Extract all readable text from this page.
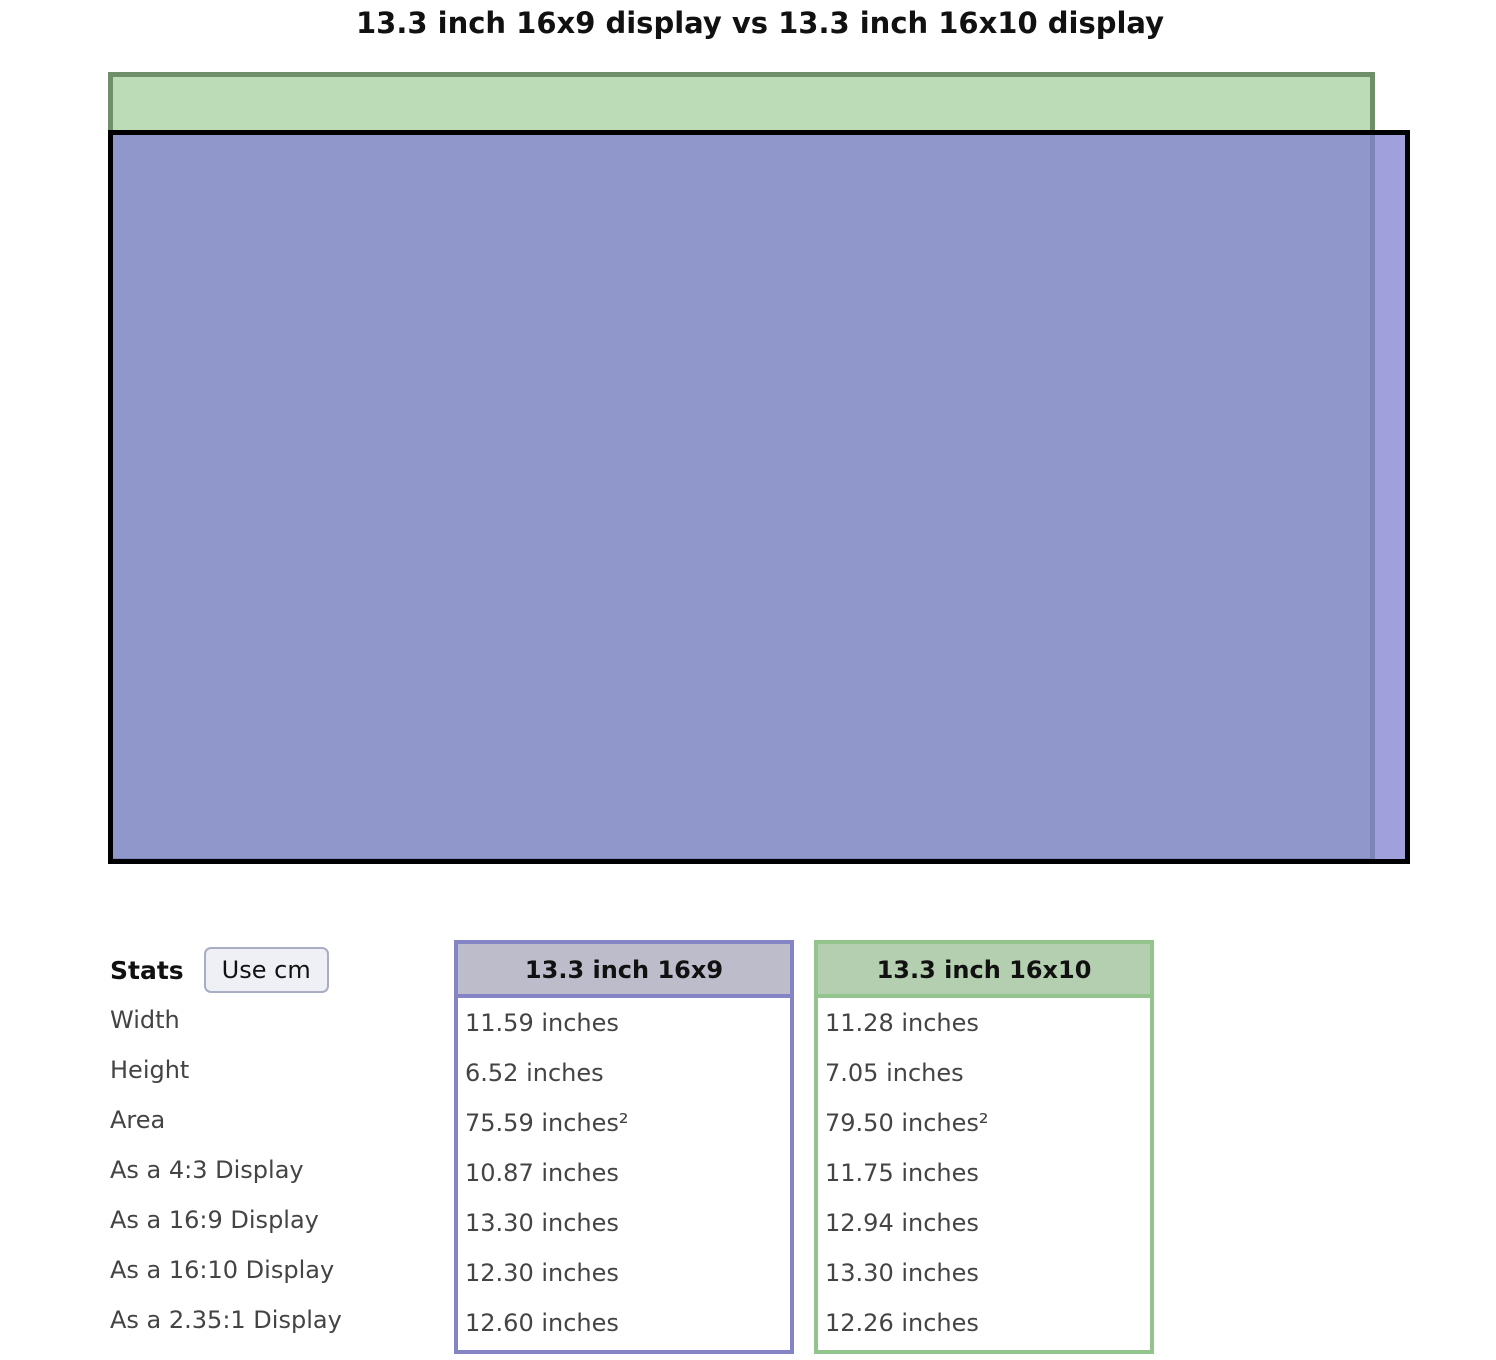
13.3 inch 16x9 display vs 13.3 inch 16x10 display
Stats	Use cm
Width
Height
Area
As a 4:3 Display
As a 16:9 Display
As a 16:10 Display
As a 2.35:1 Display
13.3 inch 16x9
11.59 inches
6.52 inches
75.59 inches²
10.87 inches
13.30 inches
12.30 inches
12.60 inches
13.3 inch 16x10
11.28 inches
7.05 inches
79.50 inches²
11.75 inches
12.94 inches
13.30 inches
12.26 inches
